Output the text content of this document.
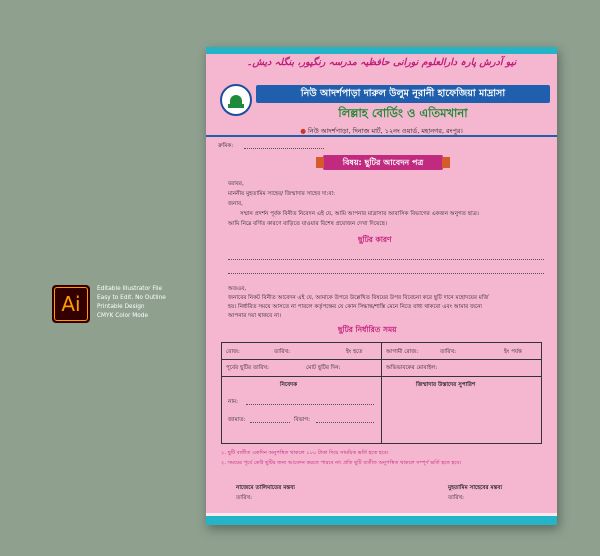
Ai
Editable Illustrator File
Easy to Edit. No Outline
Printable Design
CMYK Color Mode
نیو آدرش پارہ دارالعلوم نورانی حافظیہ مدرسہ رنگپور، بنگلہ دیش۔
নিউ আদর্শপাড়া দারুল উলুম নূরানী হাফেজিয়া মাদ্রাসা
লিল্লাহ বোর্ডিং ও এতিমখানা
● নিউ আদর্শপাড়া, দিনাজ মার্ট, ১২নং ওয়ার্ড, মহানগর, রংপুর।
ক্রমিক:
বিষয়: ছুটির আবেদন পত্র
বরাবর,
মাননীয় মুহতামিম সাহেব/ জিম্মাদার সাহেব দা:বা:
জনাব,
সম্মান প্রদর্শন পূর্বক বিনীত নিবেদন এই যে, আমি আপনার মাদ্রাসার আবাসিক বিভাগের একজন অনুগত ছাত্র।
আমি নিম্নে বর্ণিত কারণে বাড়িতে যাওয়ার বিশেষ প্রয়োজন দেখা দিয়েছে।
ছুটির কারণ
অতএব,
জনাবের নিকট বিনীত আবেদন এই যে, আমাকে উপরে উল্লেখিত বিষয়ের উপর বিবেচনা করে ছুটি দানে মহোদয়ের মর্জি
হয়। নির্ধারিত সময়ে আসতে না পারলে কর্তৃপক্ষের যে কোন সিদ্ধান্ত/শাস্তি মেনে নিতে বাধ্য থাকবো এবং আমার জন্যে
আপনার দয়া থাকবে না।
ছুটির নির্ধারিত সময়
রোজ:	তারিখ:	ইং হতে	আগামী রোজ:	তারিখ:	ইং পর্যন্ত
পূর্বের ছুটির তারিখ:	মোট ছুটির দিন:	অভিভাবকের মোবাইল:
নিবেদক	জিম্মাদার উস্তাদের সুপারিশ
নাম:
জামাত:	বিভাগ:
১. ছুটি ব্যতীত একদিন অনুপস্থিত থাকলে ১০০ টাকা দিয়ে সাময়িক ভর্তি হতে হবে।
২. সময়ের পূর্বে কেউ ছুটির জন্য আবেদন করতে পারবে না। প্রতি ছুটি ব্যতীত অনুপস্থিত থাকলে সম্পূর্ণ ভর্তি হতে হবে।
নাজেমে তালিমাতের মন্তব্য
তারিখ:
মুহতামিম সাহেবের মন্তব্য
তারিখ:
